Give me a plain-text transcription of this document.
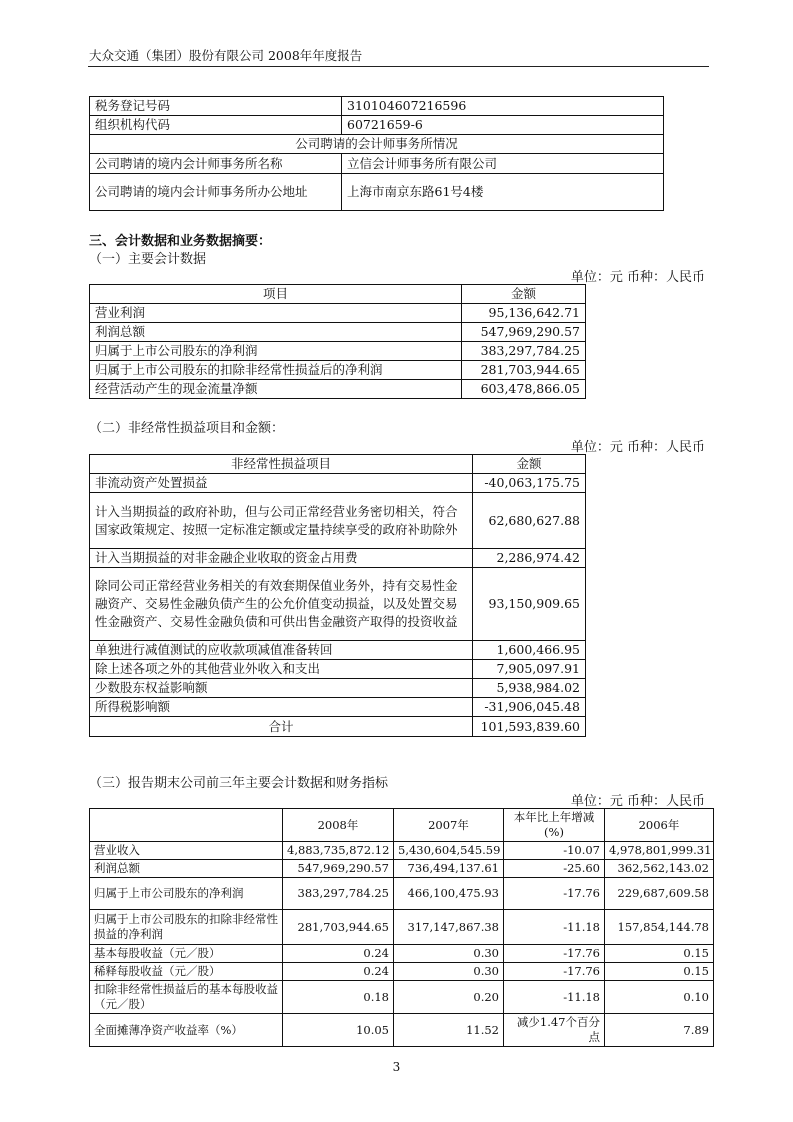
大众交通（集团）股份有限公司 2008年年度报告
税务登记号码	310104607216596
组织机构代码	60721659-6
公司聘请的会计师事务所情况	
公司聘请的境内会计师事务所名称	立信会计师事务所有限公司
公司聘请的境内会计师事务所办公地址	上海市南京东路61号4楼
三、会计数据和业务数据摘要：
（一）主要会计数据
单位：元 币种：人民币
项目	金额
营业利润	95,136,642.71
利润总额	547,969,290.57
归属于上市公司股东的净利润	383,297,784.25
归属于上市公司股东的扣除非经常性损益后的净利润	281,703,944.65
经营活动产生的现金流量净额	603,478,866.05
（二）非经常性损益项目和金额：
单位：元 币种：人民币
非经常性损益项目	金额
非流动资产处置损益	-40,063,175.75
计入当期损益的政府补助，但与公司正常经营业务密切相关，符合国家政策规定、按照一定标准定额或定量持续享受的政府补助除外	62,680,627.88
计入当期损益的对非金融企业收取的资金占用费	2,286,974.42
除同公司正常经营业务相关的有效套期保值业务外，持有交易性金融资产、交易性金融负债产生的公允价值变动损益，以及处置交易性金融资产、交易性金融负债和可供出售金融资产取得的投资收益	93,150,909.65
单独进行减值测试的应收款项减值准备转回	1,600,466.95
除上述各项之外的其他营业外收入和支出	7,905,097.91
少数股东权益影响额	5,938,984.02
所得税影响额	-31,906,045.48
合计	101,593,839.60
（三）报告期末公司前三年主要会计数据和财务指标
单位：元 币种：人民币
	2008年	2007年	本年比上年增减(%)	2006年
营业收入	4,883,735,872.12	5,430,604,545.59	-10.07	4,978,801,999.31
利润总额	547,969,290.57	736,494,137.61	-25.60	362,562,143.02
归属于上市公司股东的净利润	383,297,784.25	466,100,475.93	-17.76	229,687,609.58
归属于上市公司股东的扣除非经常性损益的净利润	281,703,944.65	317,147,867.38	-11.18	157,854,144.78
基本每股收益（元／股）	0.24	0.30	-17.76	0.15
稀释每股收益（元／股）	0.24	0.30	-17.76	0.15
扣除非经常性损益后的基本每股收益（元／股）	0.18	0.20	-11.18	0.10
全面摊薄净资产收益率（%）	10.05	11.52	减少1.47个百分点	7.89
3
